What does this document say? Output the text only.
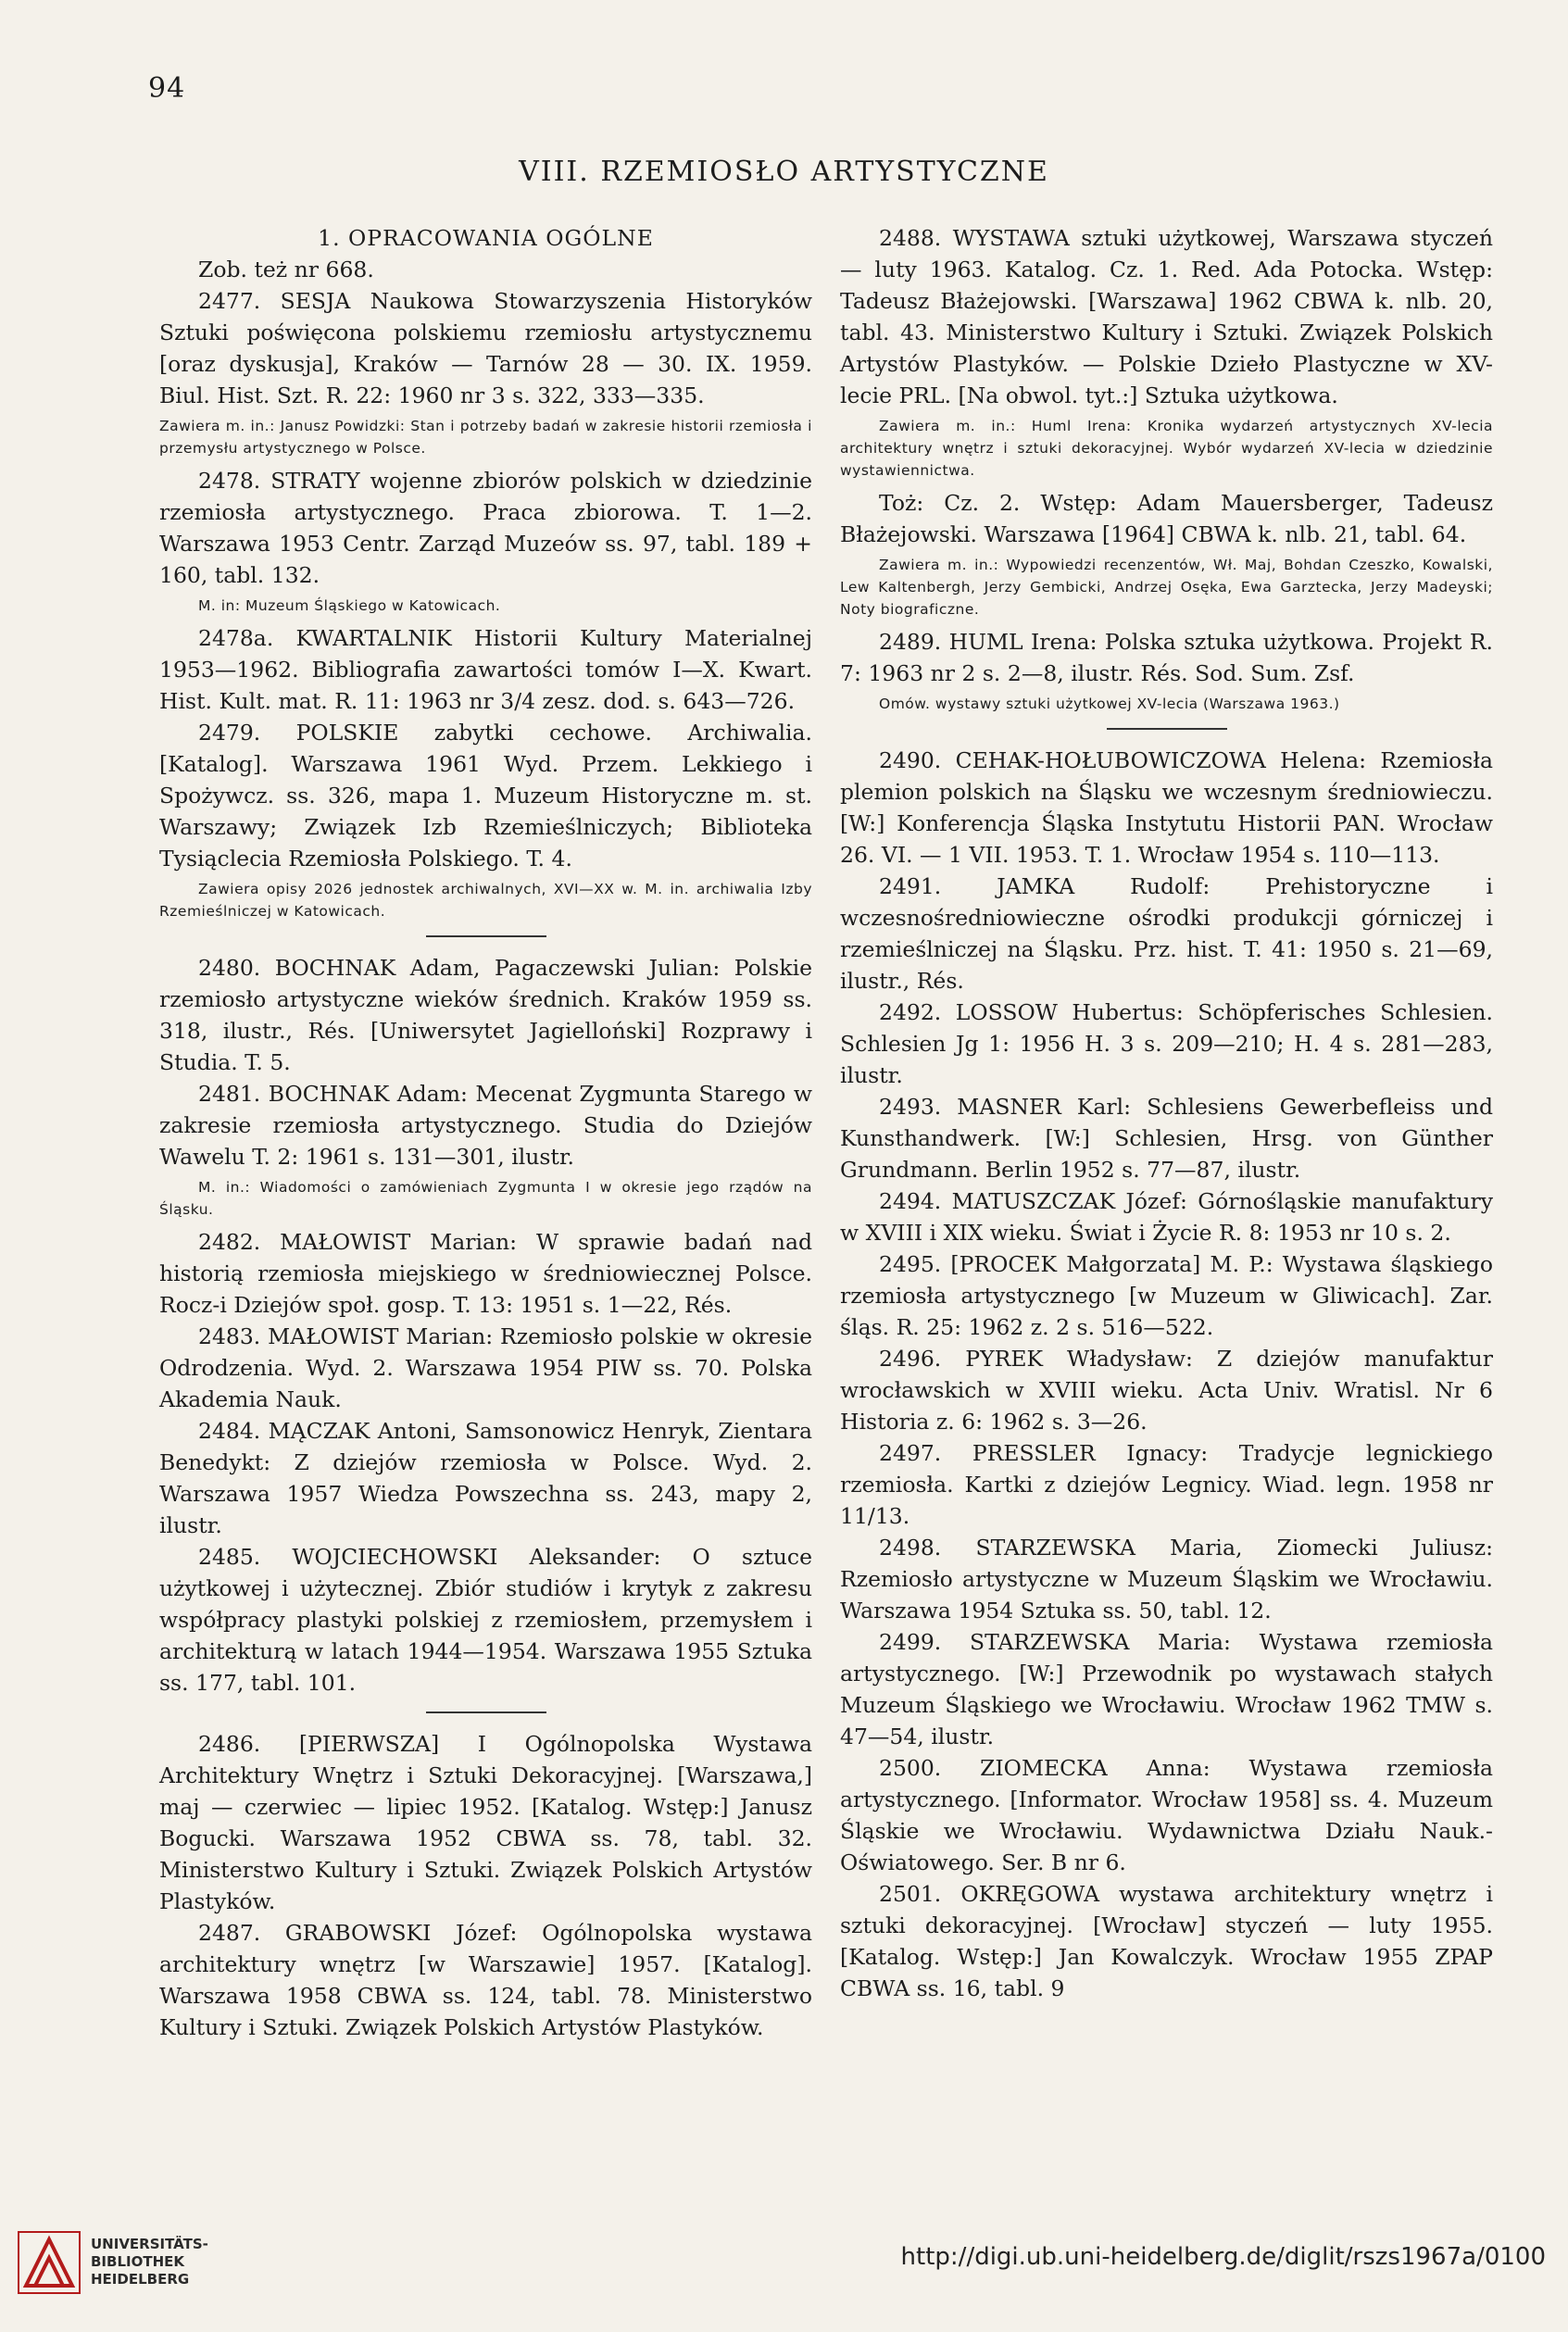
94
VIII. RZEMIOSŁO ARTYSTYCZNE

1. OPRACOWANIA OGÓLNE

Zob. też nr 668.

2477. SESJA Naukowa Stowarzyszenia Historyków Sztuki poświęcona polskiemu rzemiosłu artystycznemu [oraz dyskusja], Kraków — Tarnów 28 — 30. IX. 1959. Biul. Hist. Szt. R. 22: 1960 nr 3 s. 322, 333—335.

Zawiera m. in.: Janusz Powidzki: Stan i potrzeby badań w zakresie historii rzemiosła i przemysłu artystycznego w Polsce.

2478. STRATY wojenne zbiorów polskich w dziedzinie rzemiosła artystycznego. Praca zbiorowa. T. 1—2. Warszawa 1953 Centr. Zarząd Muzeów ss. 97, tabl. 189 + 160, tabl. 132.

M. in: Muzeum Śląskiego w Katowicach.

2478a. KWARTALNIK Historii Kultury Materialnej 1953—1962. Bibliografia zawartości tomów I—X. Kwart. Hist. Kult. mat. R. 11: 1963 nr 3/4 zesz. dod. s. 643—726.

2479. POLSKIE zabytki cechowe. Archiwalia. [Katalog]. Warszawa 1961 Wyd. Przem. Lekkiego i Spożywcz. ss. 326, mapa 1. Muzeum Historyczne m. st. Warszawy; Związek Izb Rzemieślniczych; Biblioteka Tysiąclecia Rzemiosła Polskiego. T. 4.

Zawiera opisy 2026 jednostek archiwalnych, XVI—XX w. M. in. archiwalia Izby Rzemieślniczej w Katowicach.

2480. BOCHNAK Adam, Pagaczewski Julian: Polskie rzemiosło artystyczne wieków średnich. Kraków 1959 ss. 318, ilustr., Rés. [Uniwersytet Jagielloński] Rozprawy i Studia. T. 5.

2481. BOCHNAK Adam: Mecenat Zygmunta Starego w zakresie rzemiosła artystycznego. Studia do Dziejów Wawelu T. 2: 1961 s. 131—301, ilustr.

M. in.: Wiadomości o zamówieniach Zygmunta I w okresie jego rządów na Śląsku.

2482. MAŁOWIST Marian: W sprawie badań nad historią rzemiosła miejskiego w średniowiecznej Polsce. Rocz-i Dziejów społ. gosp. T. 13: 1951 s. 1—22, Rés.

2483. MAŁOWIST Marian: Rzemiosło polskie w okresie Odrodzenia. Wyd. 2. Warszawa 1954 PIW ss. 70. Polska Akademia Nauk.

2484. MĄCZAK Antoni, Samsonowicz Henryk, Zientara Benedykt: Z dziejów rzemiosła w Polsce. Wyd. 2. Warszawa 1957 Wiedza Powszechna ss. 243, mapy 2, ilustr.

2485. WOJCIECHOWSKI Aleksander: O sztuce użytkowej i użytecznej. Zbiór studiów i krytyk z zakresu współpracy plastyki polskiej z rzemiosłem, przemysłem i architekturą w latach 1944—1954. Warszawa 1955 Sztuka ss. 177, tabl. 101.

2486. [PIERWSZA] I Ogólnopolska Wystawa Architektury Wnętrz i Sztuki Dekoracyjnej. [Warszawa,] maj — czerwiec — lipiec 1952. [Katalog. Wstęp:] Janusz Bogucki. Warszawa 1952 CBWA ss. 78, tabl. 32. Ministerstwo Kultury i Sztuki. Związek Polskich Artystów Plastyków.

2487. GRABOWSKI Józef: Ogólnopolska wystawa architektury wnętrz [w Warszawie] 1957. [Katalog]. Warszawa 1958 CBWA ss. 124, tabl. 78. Ministerstwo Kultury i Sztuki. Związek Polskich Artystów Plastyków.

2488. WYSTAWA sztuki użytkowej, Warszawa styczeń — luty 1963. Katalog. Cz. 1. Red. Ada Potocka. Wstęp: Tadeusz Błażejowski. [Warszawa] 1962 CBWA k. nlb. 20, tabl. 43. Ministerstwo Kultury i Sztuki. Związek Polskich Artystów Plastyków. — Polskie Dzieło Plastyczne w XV-lecie PRL. [Na obwol. tyt.:] Sztuka użytkowa.

Zawiera m. in.: Huml Irena: Kronika wydarzeń artystycznych XV-lecia architektury wnętrz i sztuki dekoracyjnej. Wybór wydarzeń XV-lecia w dziedzinie wystawiennictwa.

Toż: Cz. 2. Wstęp: Adam Mauersberger, Tadeusz Błażejowski. Warszawa [1964] CBWA k. nlb. 21, tabl. 64.

Zawiera m. in.: Wypowiedzi recenzentów, Wł. Maj, Bohdan Czeszko, Kowalski, Lew Kaltenbergh, Jerzy Gembicki, Andrzej Osęka, Ewa Garztecka, Jerzy Madeyski; Noty biograficzne.

2489. HUML Irena: Polska sztuka użytkowa. Projekt R. 7: 1963 nr 2 s. 2—8, ilustr. Rés. Sod. Sum. Zsf.

Omów. wystawy sztuki użytkowej XV-lecia (Warszawa 1963.)

2490. CEHAK-HOŁUBOWICZOWA Helena: Rzemiosła plemion polskich na Śląsku we wczesnym średniowieczu. [W:] Konferencja Śląska Instytutu Historii PAN. Wrocław 26. VI. — 1 VII. 1953. T. 1. Wrocław 1954 s. 110—113.

2491. JAMKA Rudolf: Prehistoryczne i wczesnośredniowieczne ośrodki produkcji górniczej i rzemieślniczej na Śląsku. Prz. hist. T. 41: 1950 s. 21—69, ilustr., Rés.

2492. LOSSOW Hubertus: Schöpferisches Schlesien. Schlesien Jg 1: 1956 H. 3 s. 209—210; H. 4 s. 281—283, ilustr.

2493. MASNER Karl: Schlesiens Gewerbefleiss und Kunsthandwerk. [W:] Schlesien, Hrsg. von Günther Grundmann. Berlin 1952 s. 77—87, ilustr.

2494. MATUSZCZAK Józef: Górnośląskie manufaktury w XVIII i XIX wieku. Świat i Życie R. 8: 1953 nr 10 s. 2.

2495. [PROCEK Małgorzata] M. P.: Wystawa śląskiego rzemiosła artystycznego [w Muzeum w Gliwicach]. Zar. śląs. R. 25: 1962 z. 2 s. 516—522.

2496. PYREK Władysław: Z dziejów manufaktur wrocławskich w XVIII wieku. Acta Univ. Wratisl. Nr 6 Historia z. 6: 1962 s. 3—26.

2497. PRESSLER Ignacy: Tradycje legnickiego rzemiosła. Kartki z dziejów Legnicy. Wiad. legn. 1958 nr 11/13.

2498. STARZEWSKA Maria, Ziomecki Juliusz: Rzemiosło artystyczne w Muzeum Śląskim we Wrocławiu. Warszawa 1954 Sztuka ss. 50, tabl. 12.

2499. STARZEWSKA Maria: Wystawa rzemiosła artystycznego. [W:] Przewodnik po wystawach stałych Muzeum Śląskiego we Wrocławiu. Wrocław 1962 TMW s. 47—54, ilustr.

2500. ZIOMECKA Anna: Wystawa rzemiosła artystycznego. [Informator. Wrocław 1958] ss. 4. Muzeum Śląskie we Wrocławiu. Wydawnictwa Działu Nauk.-Oświatowego. Ser. B nr 6.

2501. OKRĘGOWA wystawa architektury wnętrz i sztuki dekoracyjnej. [Wrocław] styczeń — luty 1955. [Katalog. Wstęp:] Jan Kowalczyk. Wrocław 1955 ZPAP CBWA ss. 16, tabl. 9

UNIVERSITÄTS-
BIBLIOTHEK
HEIDELBERG
http://digi.ub.uni-heidelberg.de/diglit/rszs1967a/0100
